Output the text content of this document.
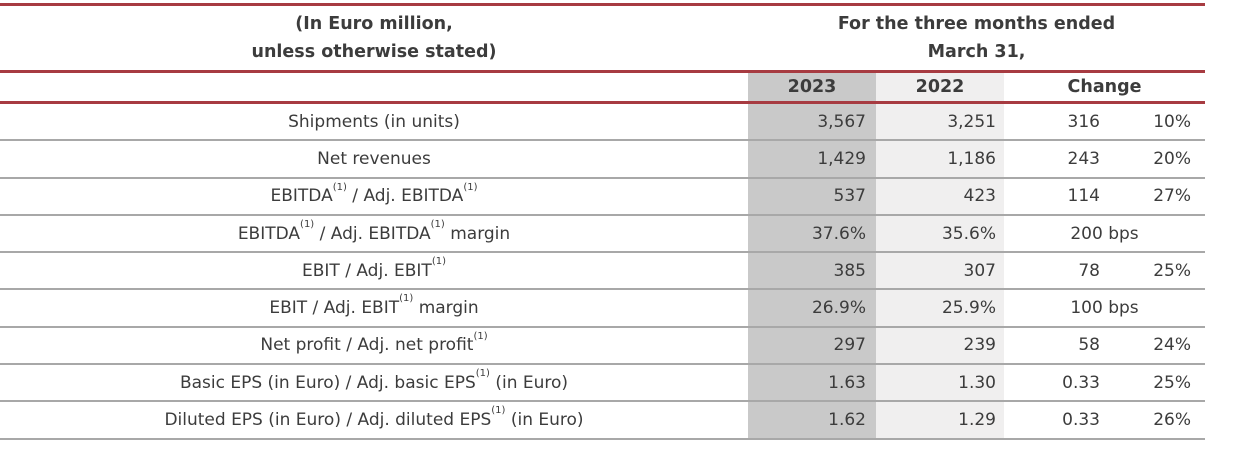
(In Euro million,
unless otherwise stated)
For the three months ended
March 31,
2023	2022	Change
Shipments (in units)	3,567	3,251	316	10%
Net revenues	1,429	1,186	243	20%
EBITDA$^{(1)}$ / Adj. EBITDA$^{(1)}$	537	423	114	27%
EBITDA$^{(1)}$ / Adj. EBITDA$^{(1)}$ margin	37.6%	35.6%	200 bps
EBIT / Adj. EBIT$^{(1)}$	385	307	78	25%
EBIT / Adj. EBIT$^{(1)}$ margin	26.9%	25.9%	100 bps
Net profit / Adj. net profit$^{(1)}$	297	239	58	24%
Basic EPS (in Euro) / Adj. basic EPS$^{(1)}$ (in Euro)	1.63	1.30	0.33	25%
Diluted EPS (in Euro) / Adj. diluted EPS$^{(1)}$ (in Euro)	1.62	1.29	0.33	26%
